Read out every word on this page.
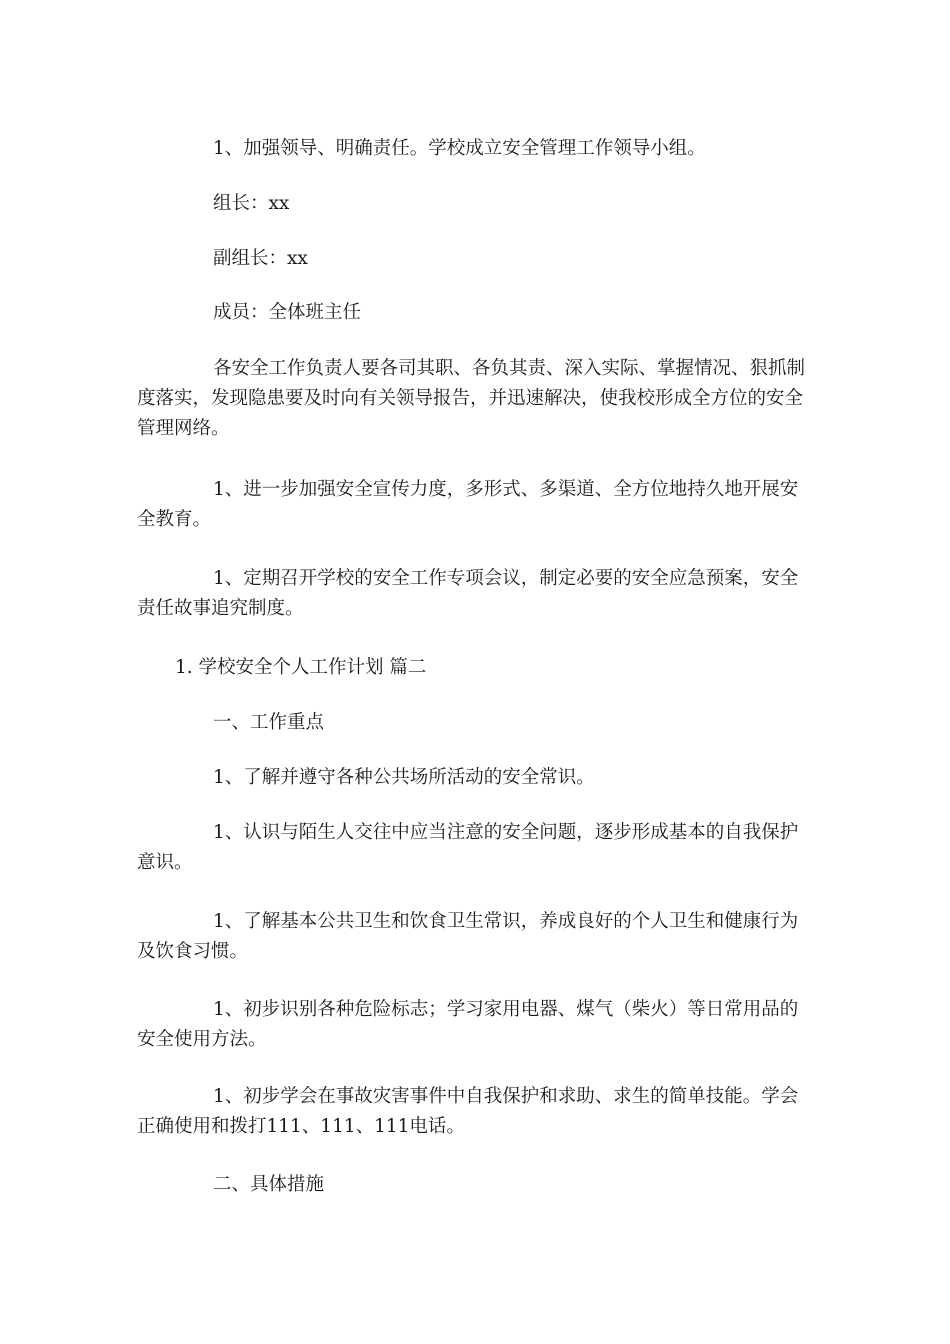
1、加强领导、明确责任。学校成立安全管理工作领导小组。

组长：xx

副组长：xx

成员：全体班主任

各安全工作负责人要各司其职、各负其责、深入实际、掌握情况、狠抓制度落实，发现隐患要及时向有关领导报告，并迅速解决，使我校形成全方位的安全管理网络。

1、进一步加强安全宣传力度，多形式、多渠道、全方位地持久地开展安全教育。

1、定期召开学校的安全工作专项会议，制定必要的安全应急预案，安全责任故事追究制度。

1. 学校安全个人工作计划 篇二

一、工作重点

1、了解并遵守各种公共场所活动的安全常识。

1、认识与陌生人交往中应当注意的安全问题，逐步形成基本的自我保护意识。

1、了解基本公共卫生和饮食卫生常识，养成良好的个人卫生和健康行为及饮食习惯。

1、初步识别各种危险标志；学习家用电器、煤气（柴火）等日常用品的安全使用方法。

1、初步学会在事故灾害事件中自我保护和求助、求生的简单技能。学会正确使用和拨打111、111、111电话。

二、具体措施
